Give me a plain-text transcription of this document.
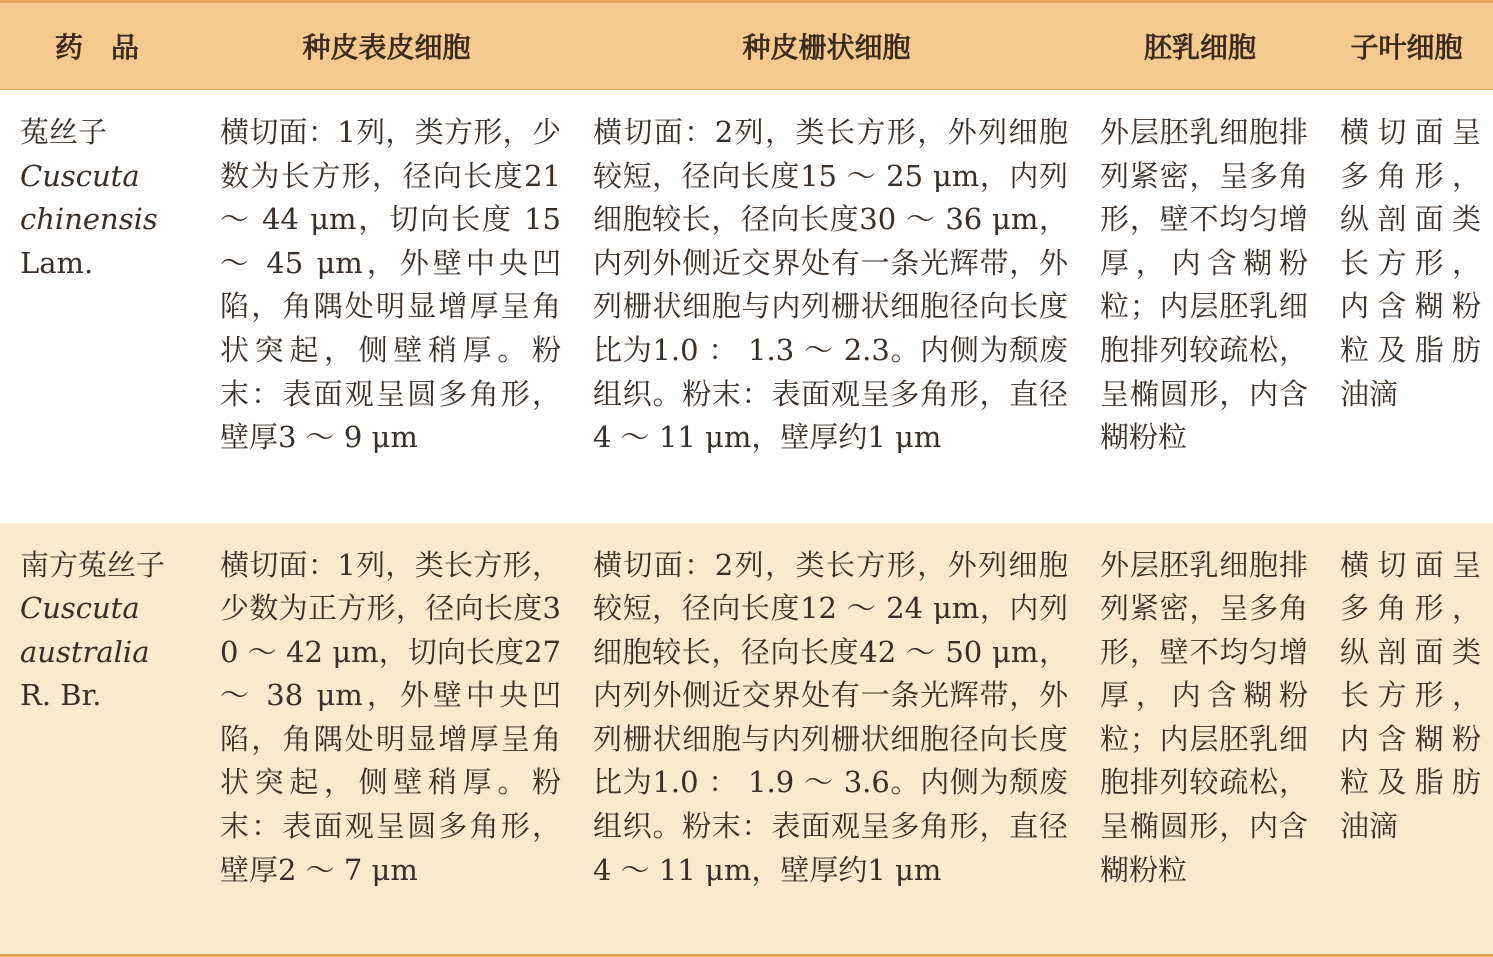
药品	种皮表皮细胞	种皮栅状细胞	胚乳细胞	子叶细胞

菟丝子
Cuscuta
chinensis
Lam.	横切面：1列，类方形，少数为长方形，径向长度21 ～ 44 μm，切向长度 15 ～ 45 μm，外壁中央凹陷，角隅处明显增厚呈角状突起，侧壁稍厚。粉末：表面观呈圆多角形，壁厚3 ～ 9 μm	横切面：2列，类长方形，外列细胞较短，径向长度15 ～ 25 μm，内列细胞较长，径向长度30 ～ 36 μm，内列外侧近交界处有一条光辉带，外列栅状细胞与内列栅状细胞径向长度比为1.0 ： 1.3 ～ 2.3。内侧为颓废组织。粉末：表面观呈多角形，直径4 ～ 11 μm，壁厚约1 μm	外层胚乳细胞排列紧密，呈多角形，壁不均匀增厚，内含糊粉粒；内层胚乳细胞排列较疏松，呈椭圆形，内含糊粉粒	横切面呈多角形，纵剖面类长方形，内含糊粉粒及脂肪油滴

南方菟丝子
Cuscuta
australia
R. Br.	横切面：1列，类长方形，少数为正方形，径向长度30 ～ 42 μm，切向长度27 ～ 38 μm，外壁中央凹陷，角隅处明显增厚呈角状突起，侧壁稍厚。粉末：表面观呈圆多角形，壁厚2 ～ 7 μm	横切面：2列，类长方形，外列细胞较短，径向长度12 ～ 24 μm，内列细胞较长，径向长度42 ～ 50 μm，内列外侧近交界处有一条光辉带，外列栅状细胞与内列栅状细胞径向长度比为1.0 ： 1.9 ～ 3.6。内侧为颓废组织。粉末：表面观呈多角形，直径4 ～ 11 μm，壁厚约1 μm	外层胚乳细胞排列紧密，呈多角形，壁不均匀增厚，内含糊粉粒；内层胚乳细胞排列较疏松，呈椭圆形，内含糊粉粒	横切面呈多角形，纵剖面类长方形，内含糊粉粒及脂肪油滴
